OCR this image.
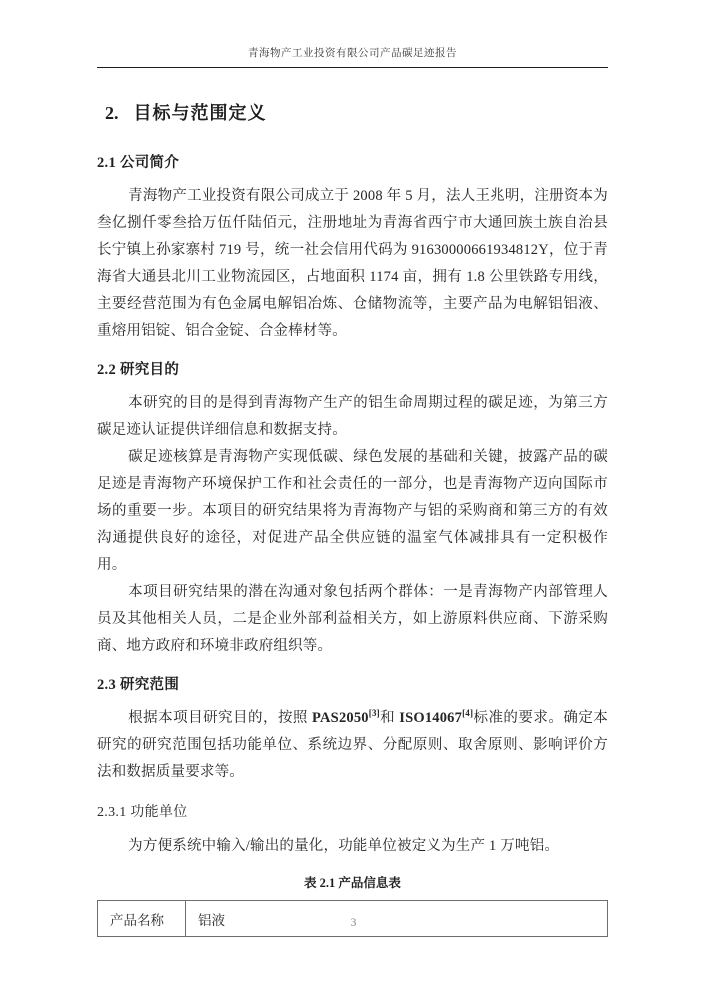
青海物产工业投资有限公司产品碳足迹报告
2. 目标与范围定义
2.1 公司简介

青海物产工业投资有限公司成立于 2008 年 5 月，法人王兆明，注册资本为叁亿捌仟零叁拾万伍仟陆佰元，注册地址为青海省西宁市大通回族土族自治县长宁镇上孙家寨村 719 号，统一社会信用代码为 91630000661934812Y，位于青海省大通县北川工业物流园区，占地面积 1174 亩，拥有 1.8 公里铁路专用线，主要经营范围为有色金属电解铝冶炼、仓储物流等，主要产品为电解铝铝液、重熔用铝锭、铝合金锭、合金棒材等。

2.2 研究目的

本研究的目的是得到青海物产生产的铝生命周期过程的碳足迹，为第三方碳足迹认证提供详细信息和数据支持。

碳足迹核算是青海物产实现低碳、绿色发展的基础和关键，披露产品的碳足迹是青海物产环境保护工作和社会责任的一部分，也是青海物产迈向国际市场的重要一步。本项目的研究结果将为青海物产与铝的采购商和第三方的有效沟通提供良好的途径，对促进产品全供应链的温室气体减排具有一定积极作用。

本项目研究结果的潜在沟通对象包括两个群体：一是青海物产内部管理人员及其他相关人员，二是企业外部利益相关方，如上游原料供应商、下游采购商、地方政府和环境非政府组织等。

2.3 研究范围

根据本项目研究目的，按照 PAS2050[3]和 ISO14067[4]标准的要求。确定本研究的研究范围包括功能单位、系统边界、分配原则、取舍原则、影响评价方法和数据质量要求等。

2.3.1 功能单位

为方便系统中输入/输出的量化，功能单位被定义为生产 1 万吨铝。

表 2.1 产品信息表
产品名称	铝液	3
